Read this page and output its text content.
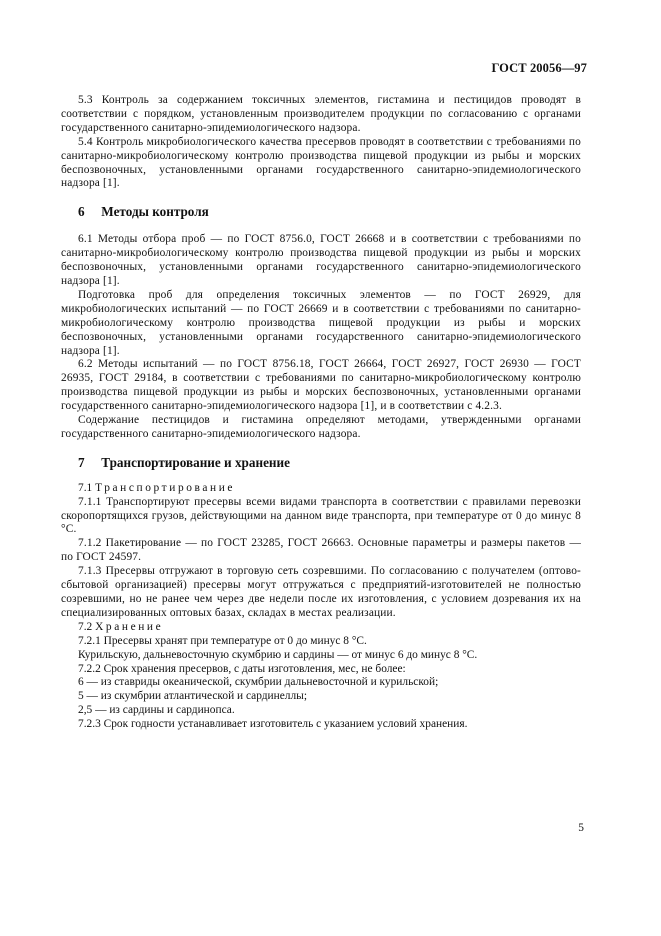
ГОСТ 20056—97

5.3 Контроль за содержанием токсичных элементов, гистамина и пестицидов проводят в соответствии с порядком, установленным производителем продукции по согласованию с органами государственного санитарно-эпидемиологического надзора.

5.4 Контроль микробиологического качества пресервов проводят в соответствии с требованиями по санитарно-микробиологическому контролю производства пищевой продукции из рыбы и морских беспозвоночных, установленными органами государственного санитарно-эпидемиологического надзора [1].

6 Методы контроля

6.1 Методы отбора проб — по ГОСТ 8756.0, ГОСТ 26668 и в соответствии с требованиями по санитарно-микробиологическому контролю производства пищевой продукции из рыбы и морских беспозвоночных, установленными органами государственного санитарно-эпидемиологического надзора [1].

Подготовка проб для определения токсичных элементов — по ГОСТ 26929, для микробиологических испытаний — по ГОСТ 26669 и в соответствии с требованиями по санитарно-микробиологическому контролю производства пищевой продукции из рыбы и морских беспозвоночных, установленными органами государственного санитарно-эпидемиологического надзора [1].

6.2 Методы испытаний — по ГОСТ 8756.18, ГОСТ 26664, ГОСТ 26927, ГОСТ 26930 — ГОСТ 26935, ГОСТ 29184, в соответствии с требованиями по санитарно-микробиологическому контролю производства пищевой продукции из рыбы и морских беспозвоночных, установленными органами государственного санитарно-эпидемиологического надзора [1], и в соответствии с 4.2.3.

Содержание пестицидов и гистамина определяют методами, утвержденными органами государственного санитарно-эпидемиологического надзора.

7 Транспортирование и хранение

7.1 Транспортирование

7.1.1 Транспортируют пресервы всеми видами транспорта в соответствии с правилами перевозки скоропортящихся грузов, действующими на данном виде транспорта, при температуре от 0 до минус 8 °С.

7.1.2 Пакетирование — по ГОСТ 23285, ГОСТ 26663. Основные параметры и размеры пакетов — по ГОСТ 24597.

7.1.3 Пресервы отгружают в торговую сеть созревшими. По согласованию с получателем (оптово-сбытовой организацией) пресервы могут отгружаться с предприятий-изготовителей не полностью созревшими, но не ранее чем через две недели после их изготовления, с условием дозревания их на специализированных оптовых базах, складах в местах реализации.

7.2 Хранение

7.2.1 Пресервы хранят при температуре от 0 до минус 8 °С.

Курильскую, дальневосточную скумбрию и сардины — от минус 6 до минус 8 °С.

7.2.2 Срок хранения пресервов, с даты изготовления, мес, не более:

6 — из ставриды океанической, скумбрии дальневосточной и курильской;

5 — из скумбрии атлантической и сардинеллы;

2,5 — из сардины и сардинопса.

7.2.3 Срок годности устанавливает изготовитель с указанием условий хранения.

5
